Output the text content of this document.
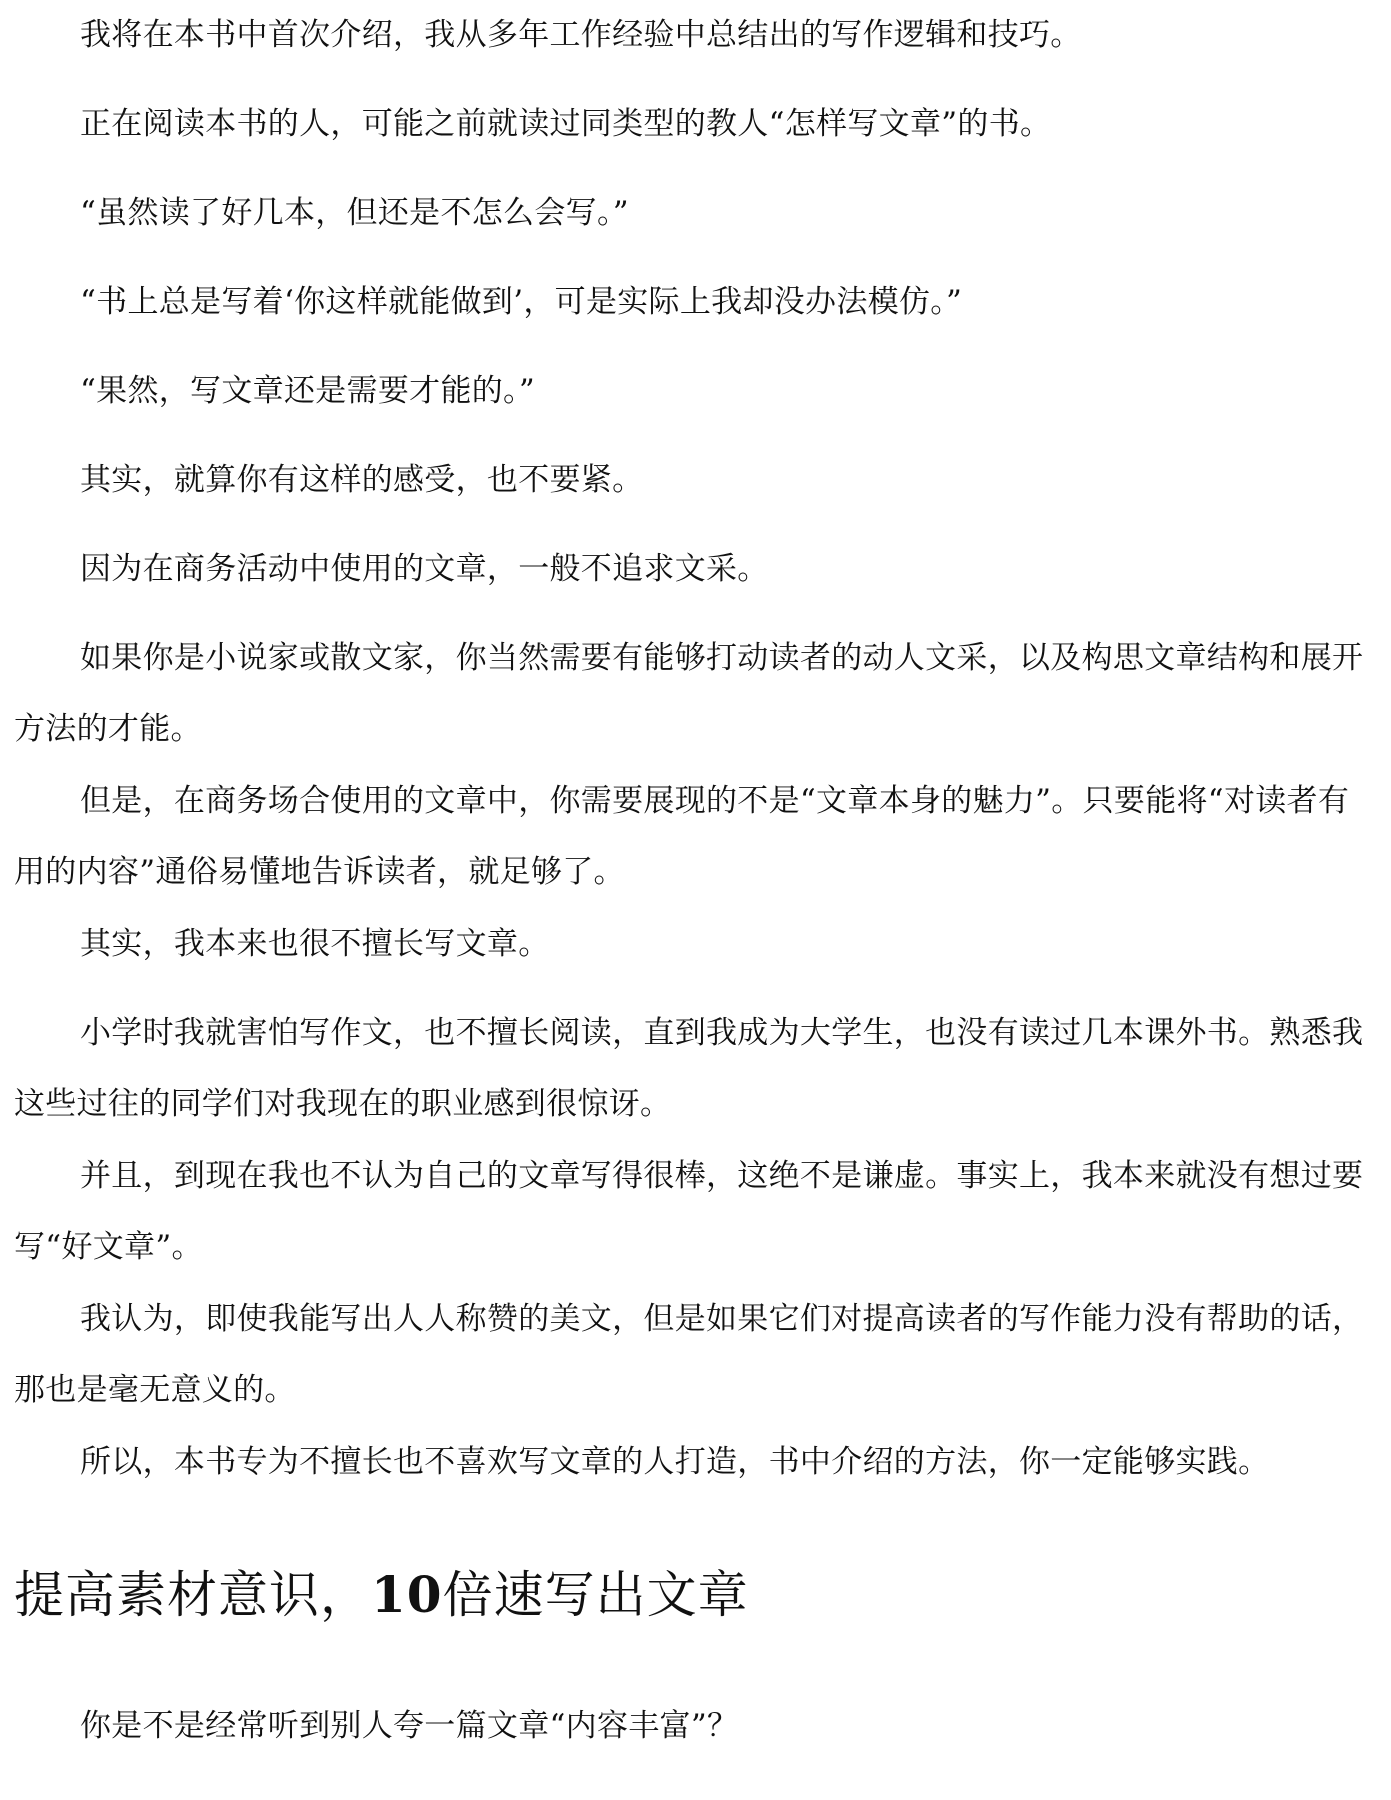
我将在本书中首次介绍，我从多年工作经验中总结出的写作逻辑和技巧。

正在阅读本书的人，可能之前就读过同类型的教人“怎样写文章”的书。

“虽然读了好几本，但还是不怎么会写。”

“书上总是写着‘你这样就能做到’，可是实际上我却没办法模仿。”

“果然，写文章还是需要才能的。”

其实，就算你有这样的感受，也不要紧。

因为在商务活动中使用的文章，一般不追求文采。

如果你是小说家或散文家，你当然需要有能够打动读者的动人文采，以及构思文章结构和展开方法的才能。

但是，在商务场合使用的文章中，你需要展现的不是“文章本身的魅力”。只要能将“对读者有用的内容”通俗易懂地告诉读者，就足够了。

其实，我本来也很不擅长写文章。

小学时我就害怕写作文，也不擅长阅读，直到我成为大学生，也没有读过几本课外书。熟悉我这些过往的同学们对我现在的职业感到很惊讶。

并且，到现在我也不认为自己的文章写得很棒，这绝不是谦虚。事实上，我本来就没有想过要写“好文章”。

我认为，即使我能写出人人称赞的美文，但是如果它们对提高读者的写作能力没有帮助的话，那也是毫无意义的。

所以，本书专为不擅长也不喜欢写文章的人打造，书中介绍的方法，你一定能够实践。

提高素材意识，10倍速写出文章

你是不是经常听到别人夸一篇文章“内容丰富”？
